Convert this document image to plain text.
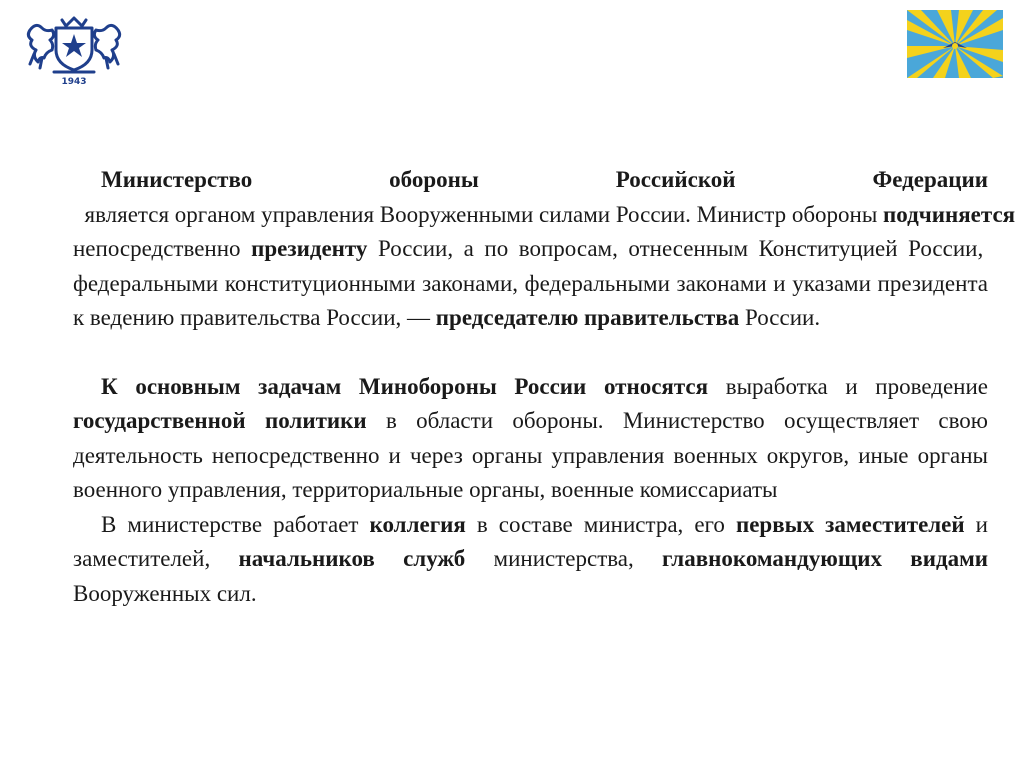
1943

Министерство обороны Российской Федерации  является органом управления Вооруженными силами России. Министр обороны подчиняется непосредственно президенту России, а по вопросам, отнесенным Конституцией России, федеральными конституционными законами, федеральными законами и указами президента к ведению правительства России, — председателю правительства России.

К основным задачам Минобороны России относятся выработка и проведение государственной политики в области обороны. Министерство осуществляет свою деятельность непосредственно и через органы управления военных округов, иные органы военного управления, территориальные органы, военные комиссариаты

В министерстве работает коллегия в составе министра, его первых заместителей и заместителей, начальников служб министерства, главнокомандующих видами Вооруженных сил.
